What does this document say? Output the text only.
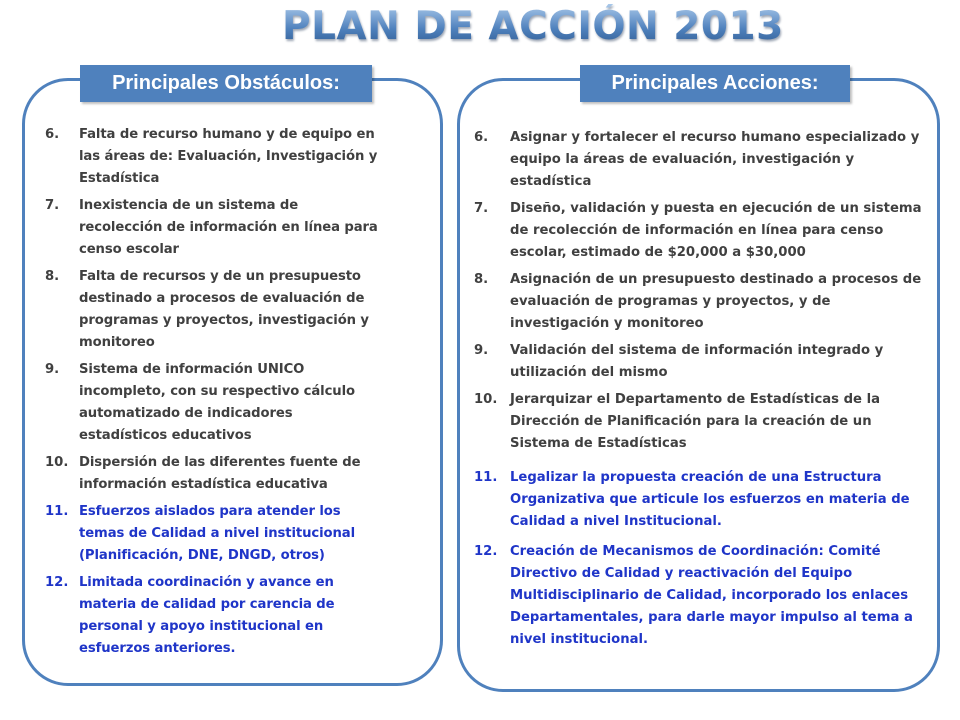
PLAN DE ACCIÓN 2013
Principales Obstáculos:	Principales Acciones:
6.	Falta de recurso humano y de equipo en las áreas de: Evaluación, Investigación y Estadística
7.	Inexistencia de un sistema de recolección de información en línea para censo escolar
8.	Falta de recursos y de un presupuesto destinado a procesos de evaluación de programas y proyectos, investigación y monitoreo
9.	Sistema de información UNICO incompleto, con su respectivo cálculo automatizado de indicadores estadísticos educativos
10. Dispersión de las diferentes fuente de información estadística educativa
11. Esfuerzos aislados para atender los temas de Calidad a nivel institucional (Planificación, DNE, DNGD, otros)
12. Limitada coordinación y avance en materia de calidad por carencia de personal y apoyo institucional en esfuerzos anteriores.
6.	Asignar y fortalecer el recurso humano especializado y equipo la áreas de evaluación, investigación y estadística
7.	Diseño, validación y puesta en ejecución de un sistema de recolección de información en línea para censo escolar, estimado de $20,000 a $30,000
8.	Asignación de un presupuesto destinado a procesos de evaluación de programas y proyectos, y de investigación y monitoreo
9.	Validación del sistema de información integrado y utilización del mismo
10. Jerarquizar el Departamento de Estadísticas de la Dirección de Planificación para la creación de un Sistema de Estadísticas
11. Legalizar la propuesta creación de una Estructura Organizativa que articule los esfuerzos en materia de Calidad a nivel Institucional.
12. Creación de Mecanismos de Coordinación: Comité Directivo de Calidad y reactivación del Equipo Multidisciplinario de Calidad, incorporado los enlaces Departamentales, para darle mayor impulso al tema a nivel institucional.
